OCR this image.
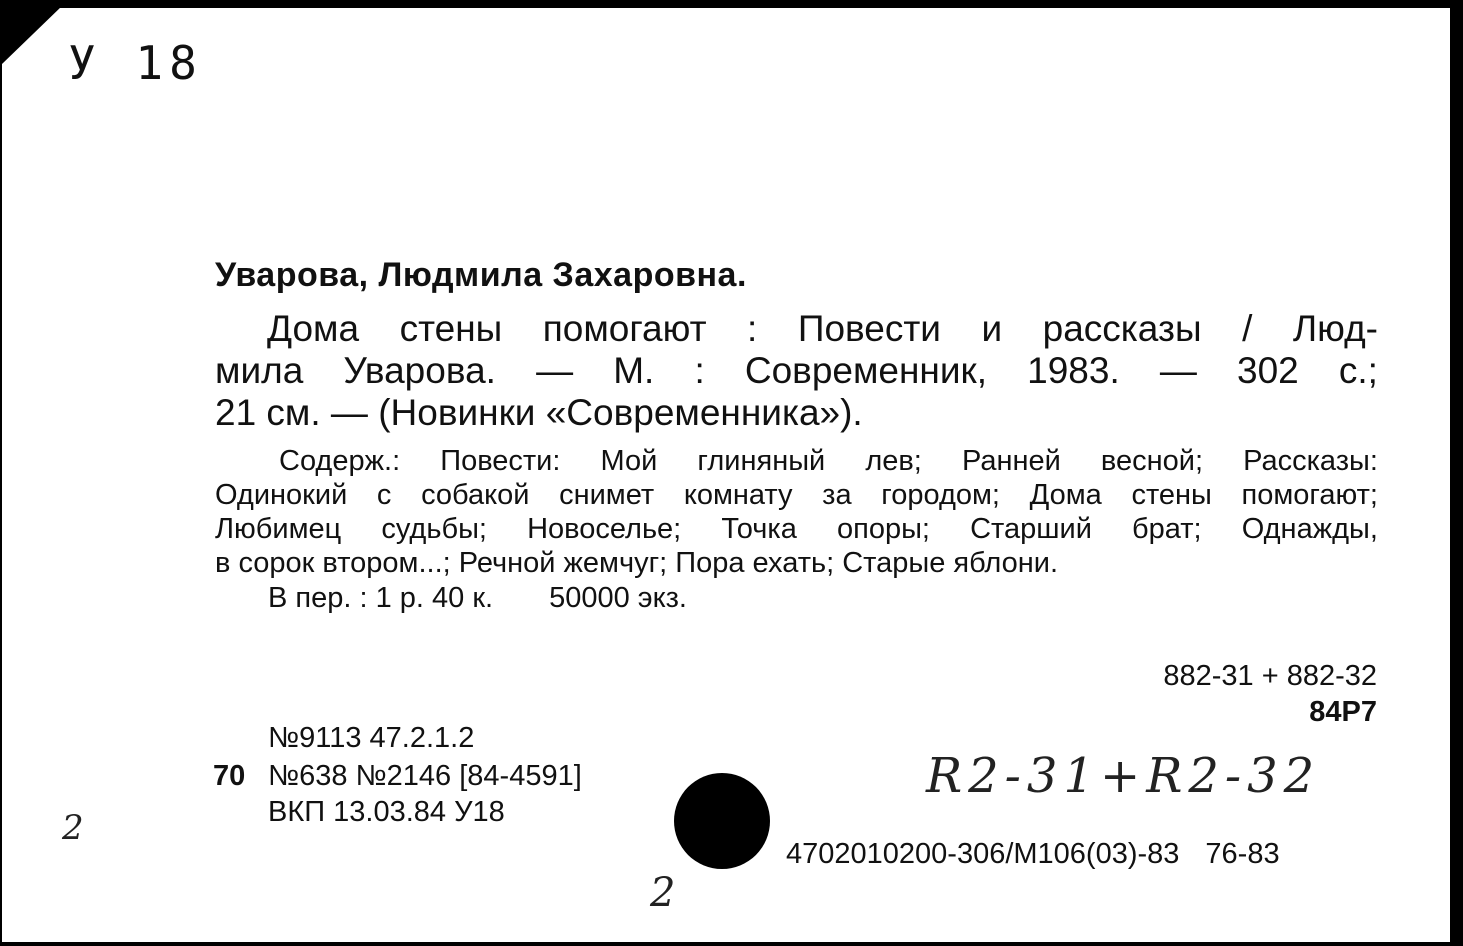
У 18
Уварова, Людмила Захаровна.
Дома стены помогают : Повести и рассказы / Люд-
мила Уварова. — М. : Современник, 1983. — 302 с.;
21 см. — (Новинки «Современника»).
Содерж.: Повести: Мой глиняный лев; Ранней весной; Рассказы:
Одинокий с собакой снимет комнату за городом; Дома стены помогают;
Любимец судьбы; Новоселье; Точка опоры; Старший брат; Однажды,
в сорок втором...; Речной жемчуг; Пора ехать; Старые яблони.
В пер. : 1 р. 40 к. 50000 экз.
882-31 + 882-32
84Р7
№9113 47.2.1.2
70 №638 №2146 [84-4591]
ВКП 13.03.84 У18
4702010200-306/М106(03)-83 76-83
R2-31+R2-32
2
2
